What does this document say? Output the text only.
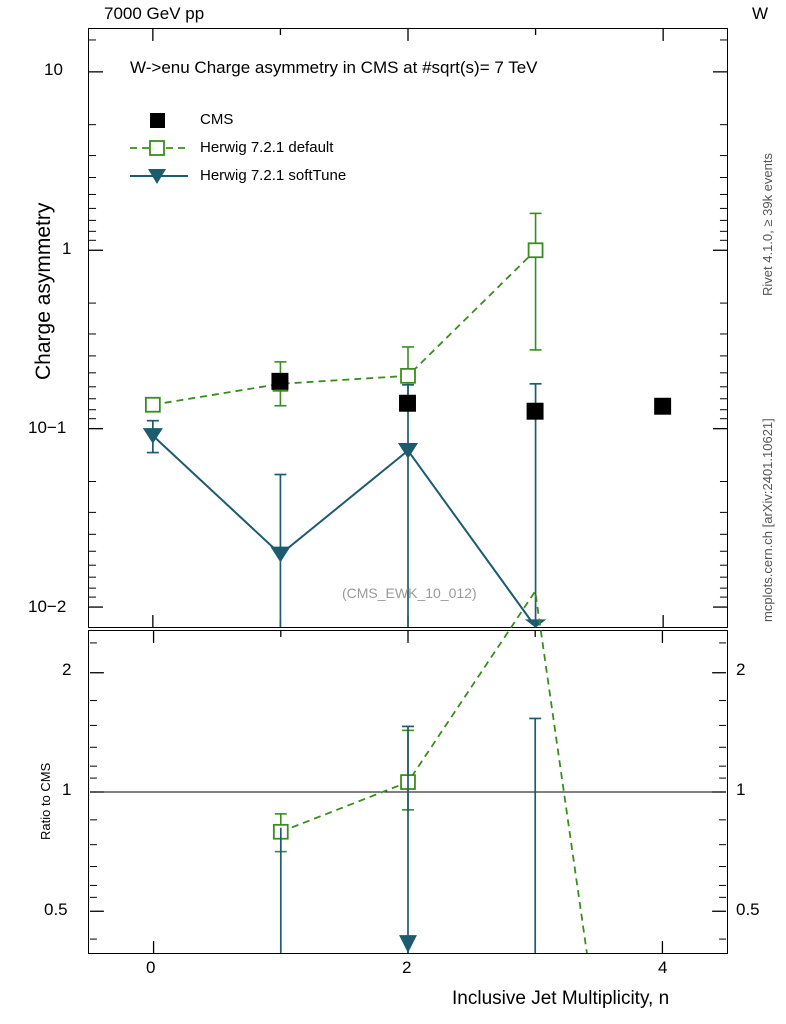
7000 GeV pp	W
W->enu Charge asymmetry in CMS at #sqrt(s)= 7 TeV
CMS
Herwig 7.2.1 default
Herwig 7.2.1 softTune
(CMS_EWK_10_012)
Charge asymmetry
10
1
10−1
10−2
Ratio to CMS
2
1
0.5
2
1
0.5
0	2	4
Inclusive Jet Multiplicity, n
Rivet 4.1.0, ≥ 39k events
mcplots.cern.ch [arXiv:2401.10621]
